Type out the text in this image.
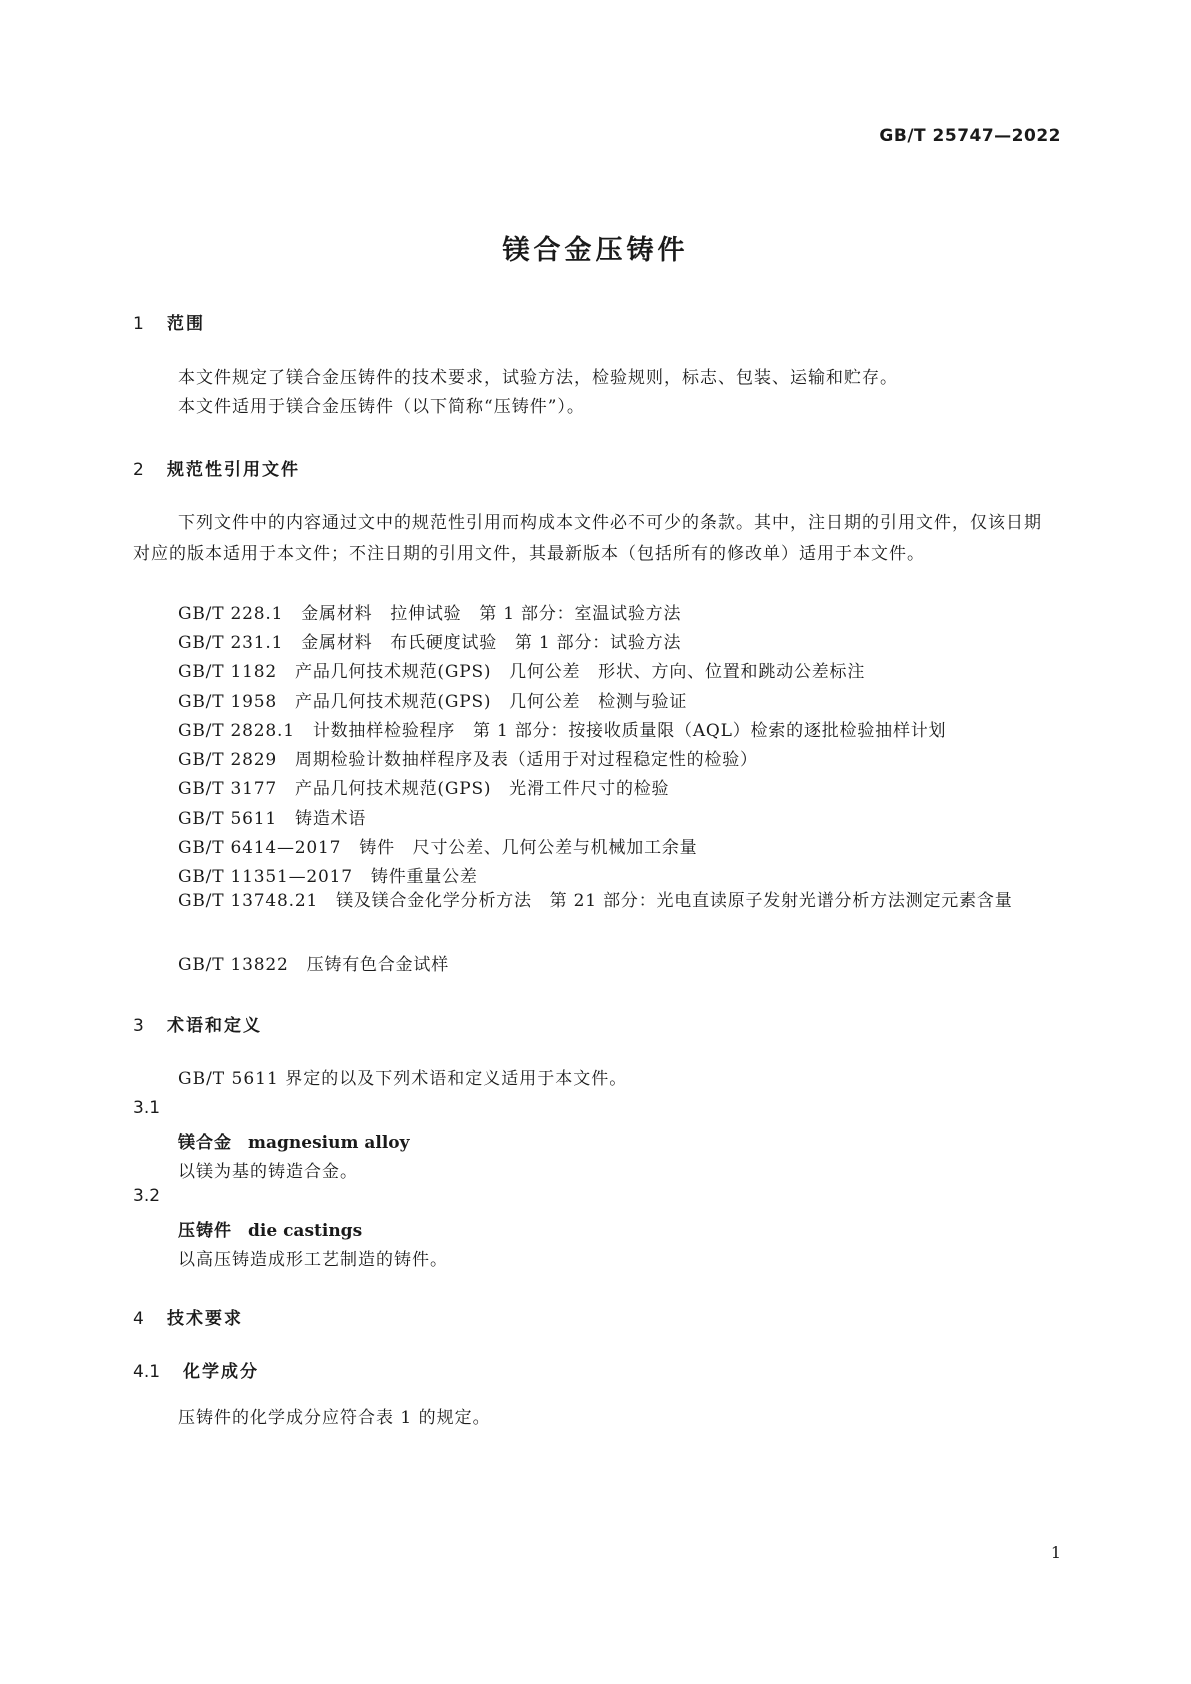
GB/T 25747—2022
镁合金压铸件
1 范围
本文件规定了镁合金压铸件的技术要求，试验方法，检验规则，标志、包装、运输和贮存。
本文件适用于镁合金压铸件（以下简称“压铸件”）。
2 规范性引用文件
下列文件中的内容通过文中的规范性引用而构成本文件必不可少的条款。其中，注日期的引用文件，仅该日期对应的版本适用于本文件；不注日期的引用文件，其最新版本（包括所有的修改单）适用于本文件。
GB/T 228.1 金属材料　拉伸试验　第 1 部分：室温试验方法
GB/T 231.1 金属材料　布氏硬度试验　第 1 部分：试验方法
GB/T 1182 产品几何技术规范(GPS)　几何公差　形状、方向、位置和跳动公差标注
GB/T 1958 产品几何技术规范(GPS)　几何公差　检测与验证
GB/T 2828.1 计数抽样检验程序　第 1 部分：按接收质量限（AQL）检索的逐批检验抽样计划
GB/T 2829 周期检验计数抽样程序及表（适用于对过程稳定性的检验）
GB/T 3177 产品几何技术规范(GPS)　光滑工件尺寸的检验
GB/T 5611 铸造术语
GB/T 6414—2017 铸件　尺寸公差、几何公差与机械加工余量
GB/T 11351—2017 铸件重量公差
GB/T 13748.21 镁及镁合金化学分析方法　第 21 部分：光电直读原子发射光谱分析方法测定元素含量
GB/T 13822 压铸有色合金试样
3 术语和定义
GB/T 5611 界定的以及下列术语和定义适用于本文件。
3.1
镁合金 magnesium alloy
以镁为基的铸造合金。
3.2
压铸件 die castings
以高压铸造成形工艺制造的铸件。
4 技术要求
4.1 化学成分
压铸件的化学成分应符合表 1 的规定。
1
